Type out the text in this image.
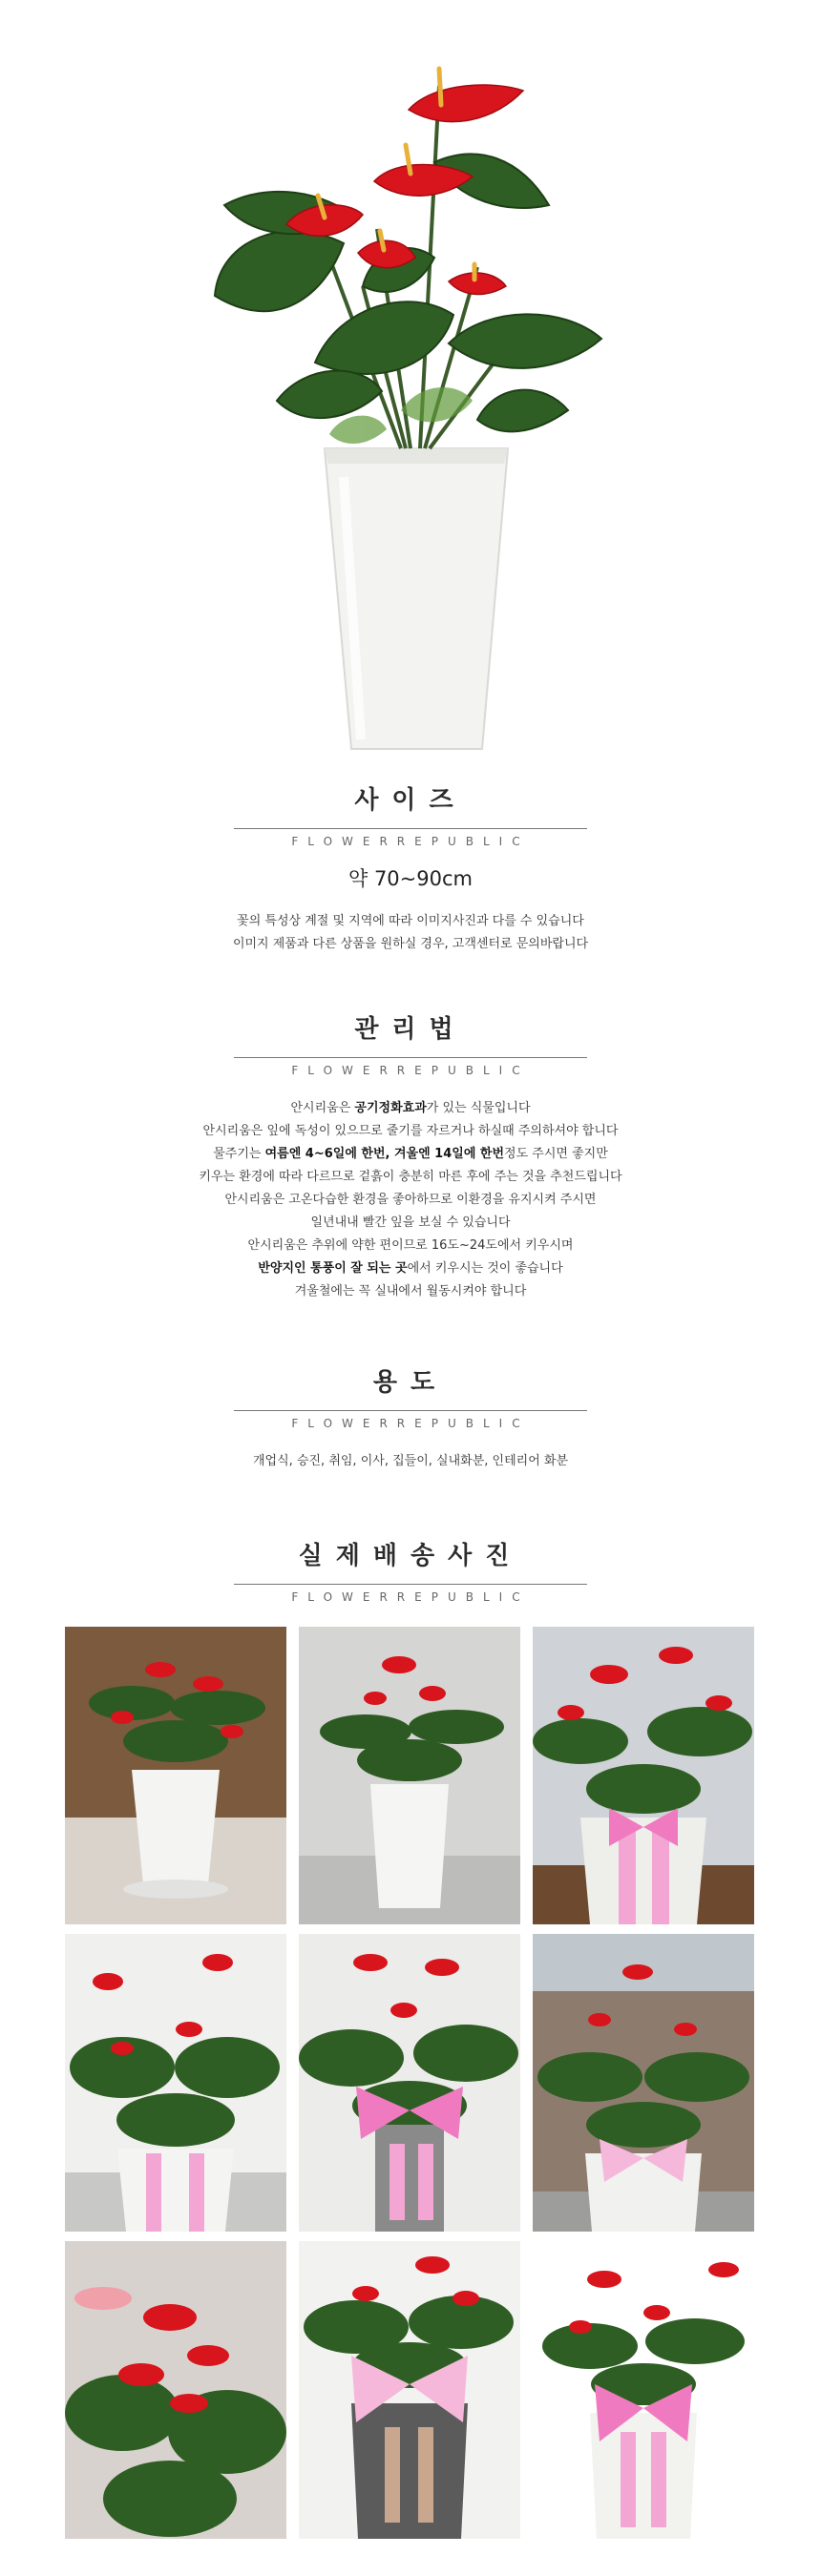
사이즈
FLOWERREPUBLIC
약 70~90cm
꽃의 특성상 계절 및 지역에 따라 이미지사진과 다를 수 있습니다
이미지 제품과 다른 상품을 원하실 경우, 고객센터로 문의바랍니다
관리법
FLOWERREPUBLIC
안시리움은 공기정화효과가 있는 식물입니다
안시리움은 잎에 독성이 있으므로 줄기를 자르거나 하실때 주의하셔야 합니다
물주기는 여름엔 4~6일에 한번, 겨울엔 14일에 한번정도 주시면 좋지만
키우는 환경에 따라 다르므로 겉흙이 충분히 마른 후에 주는 것을 추천드립니다
안시리움은 고온다습한 환경을 좋아하므로 이환경을 유지시켜 주시면
일년내내 빨간 잎을 보실 수 있습니다
안시리움은 추위에 약한 편이므로 16도~24도에서 키우시며
반양지인 통풍이 잘 되는 곳에서 키우시는 것이 좋습니다
겨울철에는 꼭 실내에서 월동시켜야 합니다
용도
FLOWERREPUBLIC
개업식, 승진, 취임, 이사, 집들이, 실내화분, 인테리어 화분
실제배송사진
FLOWERREPUBLIC
